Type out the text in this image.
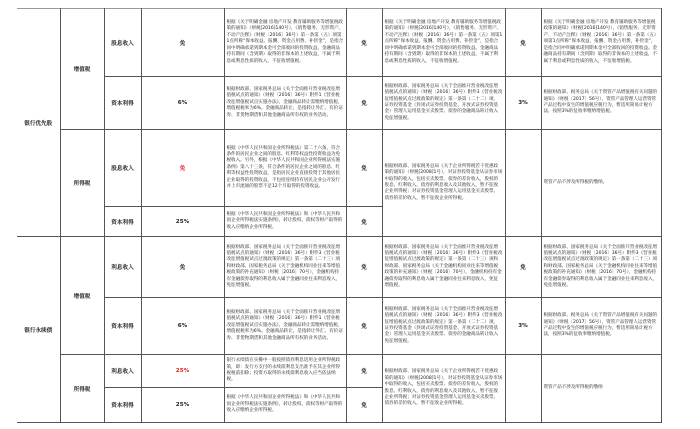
银行优先股	增值税	股息收入	免	根据《关于明确金融 房地产开发 教育辅助服务等增值税政策的通知》（财税[2016]140号），《销售服务、无形资产、不动产注释》（财税〔2016〕36号）第一条第（五）项第1点所称“保本收益、报酬、资金占用费、补偿金”，是指合同中明确承诺到期本金可全部收回的投资收益。金融商品持有期间（含到期）取得的非保本的上述收益，不属于利息或利息性质的收入，不征收增值税。	免	根据《关于明确金融 房地产开发 教育辅助服务等增值税政策的通知》（财税[2016]140号），《销售服务、无形资产、不动产注释》（财税〔2016〕36号）第一条第（五）项第1点所称“保本收益、报酬、资金占用费、补偿金”，是指合同中明确承诺到期本金可全部收回的投资收益。金融商品持有期间（含到期）取得的非保本的上述收益，不属于利息或利息性质的收入，不征收增值税。	免	根据《关于明确金融 房地产开发 教育辅助服务等增值税政策的通知》（财税[2016]140号），《销售服务、无形资产、不动产注释》（财税〔2016〕36号）第一条第（五）项第1点所称“保本收益、报酬、资金占用费、补偿金”，是指合同中明确承诺到期本金可全部收回的投资收益。金融商品持有期间（含到期）取得的非保本的上述收益，不属于利息或利息性质的收入，不征收增值税。
		资本利得	6%	根据财政部、国家税务总局《关于全面推开营业税改征增值税试点的通知》（财税〔2016〕36号）附件1《营业税改征增值税试点实施办法》，金融商品转让需缴纳增值税，增值税税率为6%。金融商品转让，是指转让外汇、有价证券、非货物期货和其他金融商品所有权的业务活动。	免	根据财政部、国家税务总局《关于全面推开营业税改征增值税试点的通知》（财税〔2016〕36号）附件3《营业税改征增值税试点过渡政策的规定》第一条第（二十二）项，证券投资基金（封闭式证券投资基金、开放式证券投资基金）管理人运用基金买卖股票、债券的金融商品转让收入免征增值税。	3%	根据财政部、税务总局《关于资管产品增值税有关问题的通知》（财税〔2017〕56号），资管产品管理人运营资管产品过程中发生的增值税应税行为，暂适用简易计税方法，按照3%的征收率缴纳增值税。
	所得税	股息收入	免	根据《中华人民共和国企业所得税法》第二十六条，符合条件的居民企业之间的股息、红利等权益性投资收益为免税收入。另外，根据《中华人民共和国企业所得税法实施条例》第八十三条，符合条件的居民企业之间的股息、红利等权益性投资收益，是指居民企业直接投资于其他居民企业取得的投资收益，不包括连续持有居民企业公开发行并上市流通的股票不足12个月取得的投资收益。	免	根据财政部、国家税务总局《关于企业所得税若干优惠政策的通知》（财税[2008]1号），对证券投资基金从证券市场中取得的收入，包括买卖股票、债券的差价收入，股权的股息、红利收入，债券的利息收入及其他收入，暂不征收企业所得税；对证券投资基金管理人运用基金买卖股票、债券的差价收入，暂不征收企业所得税。		资管产品不涉及所得税的缴纳。
		资本利得	25%	根据《中华人民共和国企业所得税法》和《中华人民共和国企业所得税法实施条例》，转让股权、债权等财产取得的收入应缴纳企业所得税。	免			
银行永续债	增值税	利息收入	免	根据财政部、国家税务总局《关于全面推开营业税改征增值税试点的通知》（财税〔2016〕36号）附件3《营业税改征增值税试点过渡政策的规定》第一条第（二十三）项和财政部、国家税务总局《关于金融机构同业往来等增值税政策的补充通知》（财税〔2016〕70号），金融机构持有金融债券取得的利息收入属于金融同业往来利息收入，免征增值税。	免	根据财政部、国家税务总局《关于全面推开营业税改征增值税试点的通知》（财税〔2016〕36号）附件3《营业税改征增值税试点过渡政策的规定》第一条第（二十三）项和财政部、国家税务总局《关于金融机构同业往来等增值税政策的补充通知》（财税〔2016〕70号），金融机构持有金融债券取得的利息收入属于金融同业往来利息收入，免征增值税。	免	根据财政部、国家税务总局《关于全面推开营业税改征增值税试点的通知》（财税〔2016〕36号）附件3《营业税改征增值税试点过渡政策的规定》第一条第（二十三）项和财政部、国家税务总局《关于金融机构同业往来等增值税政策的补充通知》（财税〔2016〕70号），金融机构持有金融债券取得的利息收入属于金融同业往来利息收入，免征增值税。
		资本利得	6%	根据财政部、国家税务总局《关于全面推开营业税改征增值税试点的通知》（财税〔2016〕36号）附件1《营业税改征增值税试点实施办法》，金融商品转让需缴纳增值税，增值税税率为6%。金融商品转让，是指转让外汇、有价证券、非货物期货和其他金融商品所有权的业务活动。	免	根据财政部、国家税务总局《关于全面推开营业税改征增值税试点的通知》（财税〔2016〕36号）附件3《营业税改征增值税试点过渡政策的规定》第一条第（二十二）项，证券投资基金（封闭式证券投资基金、开放式证券投资基金）管理人运用基金买卖股票、债券的金融商品转让收入免征增值税。	3%	根据财政部、税务总局《关于资管产品增值税有关问题的通知》（财税〔2017〕56号），资管产品管理人运营资管产品过程中发生的增值税应税行为，暂适用简易计税方法，按照3%的征收率缴纳增值税。
	所得税	利息收入	25%	银行永续债在实操中一般按照债券利息适用企业所得税政策，即：发行方支付的永续债利息支出准予在其企业所得税税前扣除；投资方取得的永续债利息收入应当依法纳税。	免	根据财政部、国家税务总局《关于企业所得税若干优惠政策的通知》（财税[2008]1号），对证券投资基金从证券市场中取得的收入，包括买卖股票、债券的差价收入，股权的股息、红利收入，债券的利息收入及其他收入，暂不征收企业所得税；对证券投资基金管理人运用基金买卖股票、债券的差价收入，暂不征收企业所得税。		资管产品不涉及所得税的缴纳
		资本利得	25%	根据《中华人民共和国企业所得税法》和《中华人民共和国企业所得税法实施条例》，转让股权、债权等财产取得的收入应缴纳企业所得税。	免			
